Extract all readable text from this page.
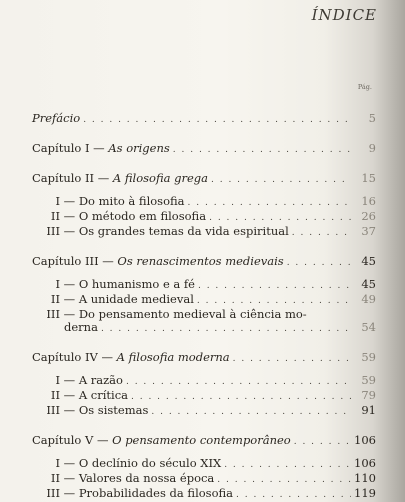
ÍNDICE
Pág.
Prefácio . . .	5
Capítulo I — As origens . . .	9
Capítulo II — A filosofia grega . . .	15
I — Do mito à filosofia . . .	16
II — O método em filosofia . . .	26
III — Os grandes temas da vida espiritual . . .	37
Capítulo III — Os renascimentos medievais . . .	45
I — O humanismo e a fé . . .	45
II — A unidade medieval . . .	49
III — Do pensamento medieval à ciência mo-
derna . . .	54
Capítulo IV — A filosofia moderna . . .	59
I — A razão . . .	59
II — A crítica . . .	79
III — Os sistemas . . .	91
Capítulo V — O pensamento contemporâneo . . .	106
I — O declínio do século XIX . . .	106
II — Valores da nossa época . . .	110
III — Probabilidades da filosofia . . .	119
